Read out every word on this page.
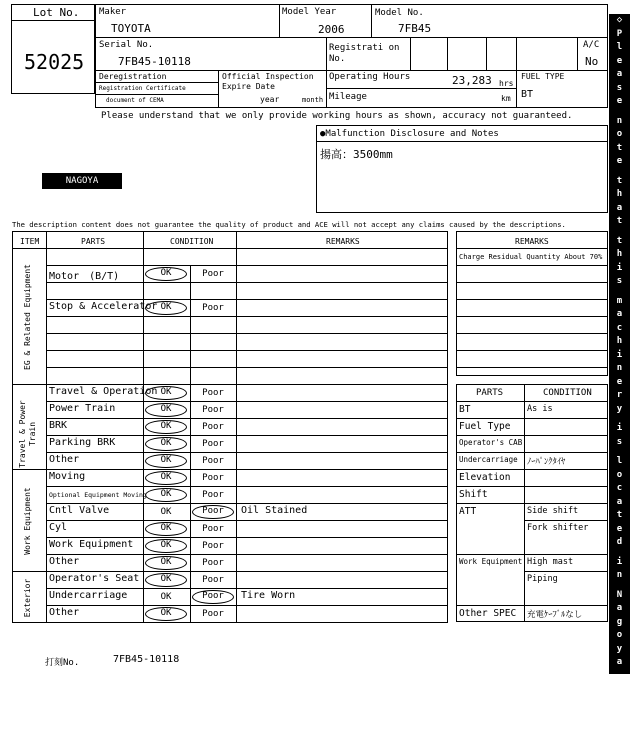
Lot No.
52025
Maker
TOYOTA
Model Year
2006
Model No.
7FB45
Serial No.
7FB45-10118
Registrati on No.
A/C
No
Deregistration
Registration Certificate
document of CEMA
Official Inspection Expire Date
year	month
Operating Hours	23,283 hrs
Mileage	km
FUEL TYPE
BT
Please understand that we only provide working hours as shown, accuracy not guaranteed.
●Malfunction Disclosure and Notes
揚高：3500mm
NAGOYA
The description content does not guarantee the quality of product and ACE will not accept any claims caused by the descriptions.
Motor　(B/T)	OK	Poor
Stop & Accelerator OK	Poor
Travel & Operation OK	Poor
Power Train	OK	Poor
BRK	OK	Poor
Parking BRK	OK	Poor
Other	OK	Poor
Moving	OK	Poor
Optional Equipment Moving	OK	Poor
Cntl Valve	OK	Poor	Oil Stained
Cyl	OK	Poor
Work Equipment	OK	Poor
Other	OK	Poor
Operator's Seat	OK	Poor
Undercarriage	OK	Poor	Tire Worn
Other	OK	Poor
ITEM	PARTS	CONDITION	REMARKS
EG & Related Equipment
Travel & Power Train
Work Equipment
Exterior
REMARKS
Charge Residual Quantity About 70%
PARTS	CONDITION
BT	As is
Fuel Type
Operator's CAB
Undercarriage ﾉｰﾊﾟﾝｸﾀｲﾔ
Elevation
Shift
ATT	Side shift
Fork shifter
Work Equipment High mast
Piping
Other SPEC 充電ｹｰﾌﾞﾙなし
◇
P
l
e
a
s
e

n
o
t
e

t
h
a
t

t
h
i
s

m
a
c
h
i
n
e
r
y

i
s

l
o
c
a
t
e
d

i
n

N
a
g
o
y
a

Y
a
r
d
◇
打刻No.	7FB45-10118
